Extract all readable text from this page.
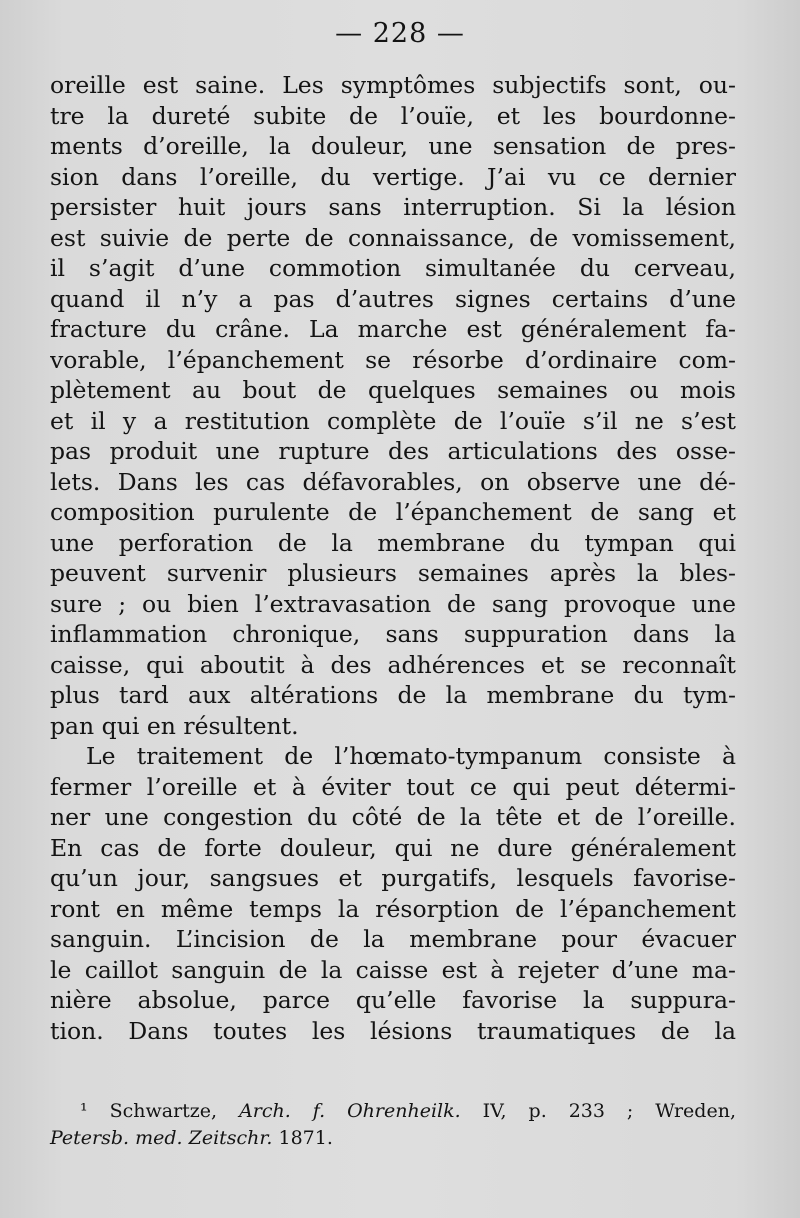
— 228 —
oreille est saine. Les symptômes subjectifs sont, ou-
tre la dureté subite de l’ouïe, et les bourdonne-
ments d’oreille, la douleur, une sensation de pres-
sion dans l’oreille, du vertige. J’ai vu ce dernier
persister huit jours sans interruption. Si la lésion
est suivie de perte de connaissance, de vomissement,
il s’agit d’une commotion simultanée du cerveau,
quand il n’y a pas d’autres signes certains d’une
fracture du crâne. La marche est généralement fa-
vorable, l’épanchement se résorbe d’ordinaire com-
plètement au bout de quelques semaines ou mois
et il y a restitution complète de l’ouïe s’il ne s’est
pas produit une rupture des articulations des osse-
lets. Dans les cas défavorables, on observe une dé-
composition purulente de l’épanchement de sang et
une perforation de la membrane du tympan qui
peuvent survenir plusieurs semaines après la bles-
sure ; ou bien l’extravasation de sang provoque une
inflammation chronique, sans suppuration dans la
caisse, qui aboutit à des adhérences et se reconnaît
plus tard aux altérations de la membrane du tym-
pan qui en résultent.
Le traitement de l’hœmato-tympanum consiste à
fermer l’oreille et à éviter tout ce qui peut détermi-
ner une congestion du côté de la tête et de l’oreille.
En cas de forte douleur, qui ne dure généralement
qu’un jour, sangsues et purgatifs, lesquels favorise-
ront en même temps la résorption de l’épanchement
sanguin. L’incision de la membrane pour évacuer
le caillot sanguin de la caisse est à rejeter d’une ma-
nière absolue, parce qu’elle favorise la suppura-
tion. Dans toutes les lésions traumatiques de la
¹ Schwartze, Arch. f. Ohrenheilk. IV, p. 233 ; Wreden,
Petersb. med. Zeitschr. 1871.
